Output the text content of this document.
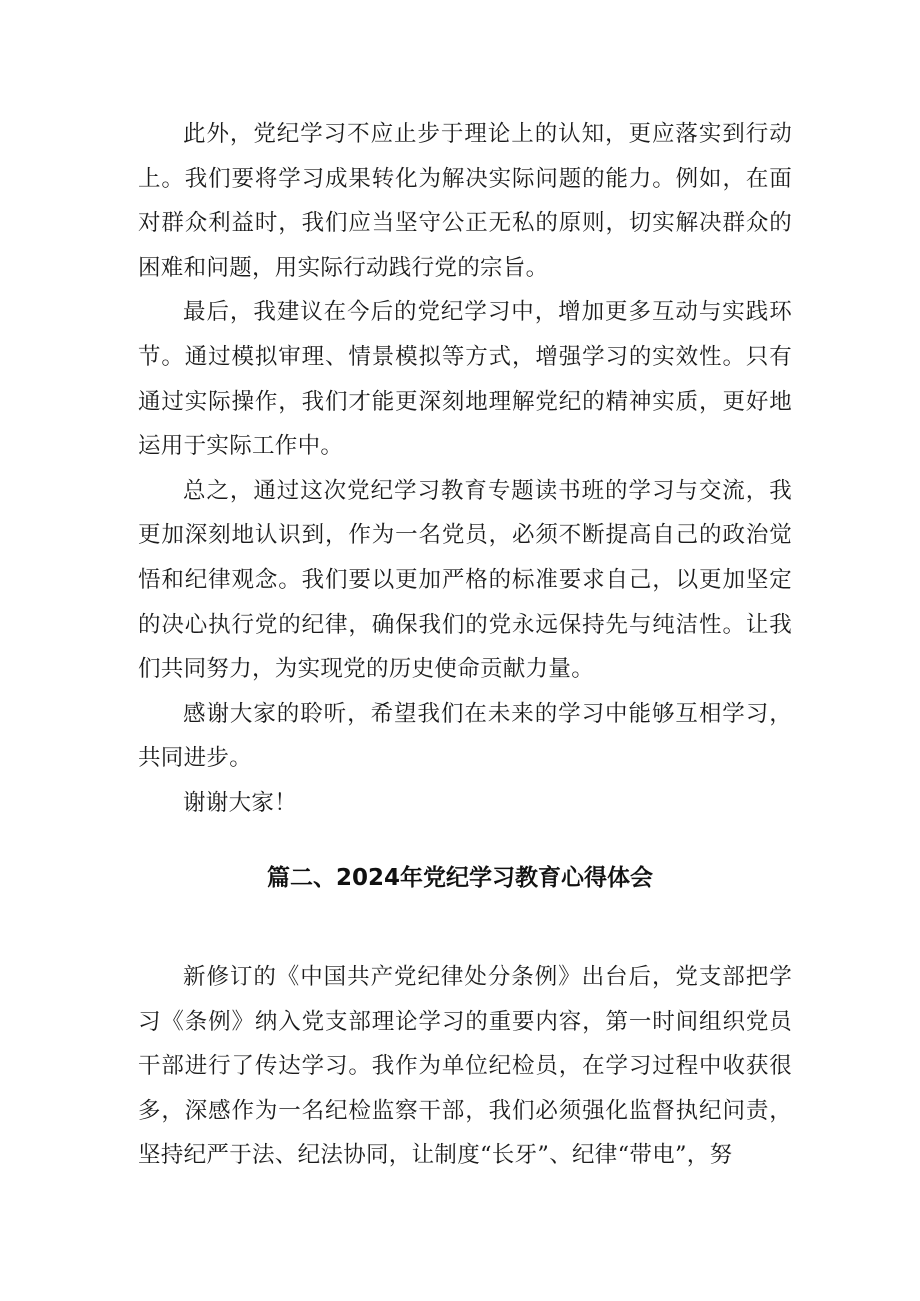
此外，党纪学习不应止步于理论上的认知，更应落实到行动上。我们要将学习成果转化为解决实际问题的能力。例如，在面对群众利益时，我们应当坚守公正无私的原则，切实解决群众的困难和问题，用实际行动践行党的宗旨。

最后，我建议在今后的党纪学习中，增加更多互动与实践环节。通过模拟审理、情景模拟等方式，增强学习的实效性。只有通过实际操作，我们才能更深刻地理解党纪的精神实质，更好地运用于实际工作中。

总之，通过这次党纪学习教育专题读书班的学习与交流，我更加深刻地认识到，作为一名党员，必须不断提高自己的政治觉悟和纪律观念。我们要以更加严格的标准要求自己，以更加坚定的决心执行党的纪律，确保我们的党永远保持先与纯洁性。让我们共同努力，为实现党的历史使命贡献力量。

感谢大家的聆听，希望我们在未来的学习中能够互相学习，共同进步。

谢谢大家！

篇二、2024年党纪学习教育心得体会

新修订的《中国共产党纪律处分条例》出台后，党支部把学习《条例》纳入党支部理论学习的重要内容，第一时间组织党员干部进行了传达学习。我作为单位纪检员，在学习过程中收获很多，深感作为一名纪检监察干部，我们必须强化监督执纪问责，坚持纪严于法、纪法协同，让制度“长牙”、纪律“带电”，努
